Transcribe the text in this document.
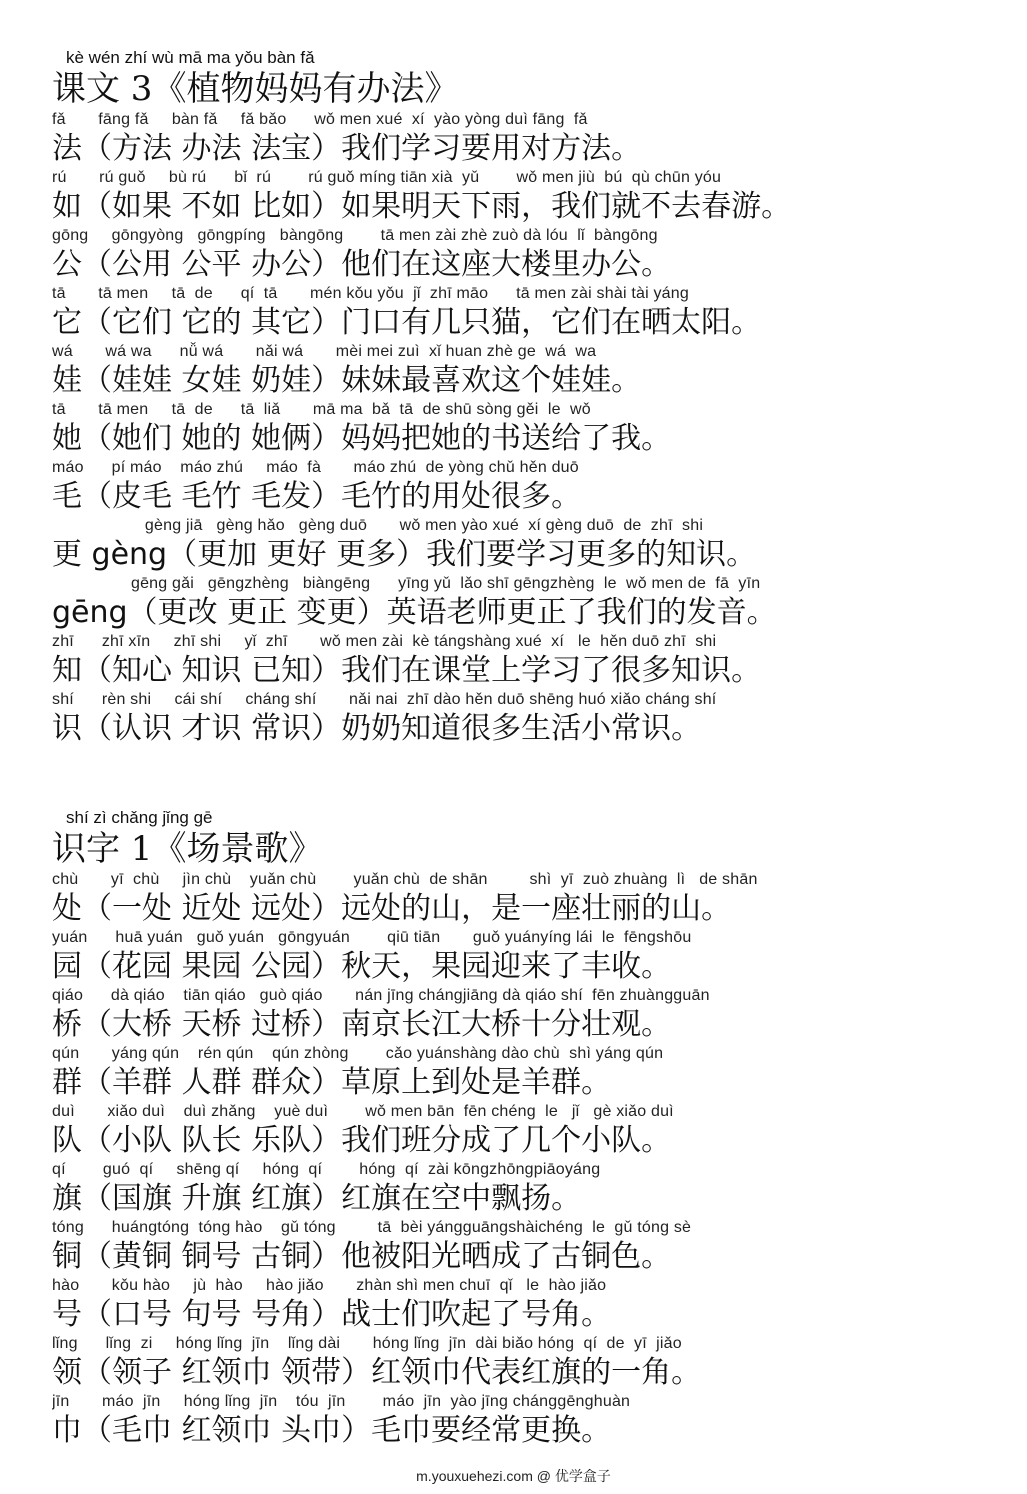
kè wén zhí wù mā ma yǒu bàn fǎ
课文 3《植物妈妈有办法》
fǎ       fāng fǎ     bàn fǎ     fǎ bǎo      wǒ men xué  xí  yào yòng duì fāng  fǎ
法（方法 办法 法宝）我们学习要用对方法。
rú       rú guǒ     bù rú      bǐ  rú        rú guǒ míng tiān xià  yǔ        wǒ men jiù  bú  qù chūn yóu
如（如果 不如 比如）如果明天下雨，我们就不去春游。
gōng     gōngyòng   gōngpíng   bàngōng        tā men zài zhè zuò dà lóu  lǐ  bàngōng
公（公用 公平 办公）他们在这座大楼里办公。
tā       tā men     tā  de      qí  tā       mén kǒu yǒu  jǐ  zhī māo      tā men zài shài tài yáng
它（它们 它的 其它）门口有几只猫，它们在晒太阳。
wá       wá wa      nǚ wá       nǎi wá       mèi mei zuì  xǐ huan zhè ge  wá  wa
娃（娃娃 女娃 奶娃）妹妹最喜欢这个娃娃。
tā       tā men     tā  de      tā  liǎ       mā ma  bǎ  tā  de shū sòng gěi  le  wǒ
她（她们 她的 她俩）妈妈把她的书送给了我。
máo      pí máo    máo zhú     máo  fà       máo zhú  de yòng chǔ hěn duō
毛（皮毛 毛竹 毛发）毛竹的用处很多。
gèng jiā   gèng hǎo   gèng duō       wǒ men yào xué  xí gèng duō  de  zhī  shi
更 gèng（更加 更好 更多）我们要学习更多的知识。
gēng gǎi   gēngzhèng   biàngēng      yīng yǔ  lǎo shī gēngzhèng  le  wǒ men de  fā  yīn
gēng（更改 更正 变更）英语老师更正了我们的发音。
zhī      zhī xīn     zhī shi     yǐ  zhī       wǒ men zài  kè tángshàng xué  xí   le  hěn duō zhī  shi
知（知心 知识 已知）我们在课堂上学习了很多知识。
shí      rèn shi     cái shí     cháng shí       nǎi nai  zhī dào hěn duō shēng huó xiǎo cháng shí
识（认识 才识 常识）奶奶知道很多生活小常识。
shí zì chǎng jǐng gē
识字 1《场景歌》
chù       yī  chù     jìn chù    yuǎn chù        yuǎn chù  de shān         shì  yī  zuò zhuàng  lì   de shān
处（一处 近处 远处）远处的山，是一座壮丽的山。
yuán      huā yuán   guǒ yuán   gōngyuán        qiū tiān       guǒ yuányíng lái  le  fēngshōu
园（花园 果园 公园）秋天，果园迎来了丰收。
qiáo      dà qiáo    tiān qiáo   guò qiáo       nán jīng chángjiāng dà qiáo shí  fēn zhuàngguān
桥（大桥 天桥 过桥）南京长江大桥十分壮观。
qún       yáng qún    rén qún    qún zhòng        cǎo yuánshàng dào chù  shì yáng qún
群（羊群 人群 群众）草原上到处是羊群。
duì       xiǎo duì    duì zhǎng    yuè duì        wǒ men bān  fēn chéng  le   jǐ   gè xiǎo duì
队（小队 队长 乐队）我们班分成了几个小队。
qí        guó  qí     shēng qí     hóng  qí        hóng  qí  zài kōngzhōngpiāoyáng
旗（国旗 升旗 红旗）红旗在空中飘扬。
tóng      huángtóng  tóng hào    gǔ tóng         tā  bèi yángguāngshàichéng  le  gǔ tóng sè
铜（黄铜 铜号 古铜）他被阳光晒成了古铜色。
hào       kǒu hào     jù  hào     hào jiǎo       zhàn shì men chuī  qǐ   le  hào jiǎo
号（口号 句号 号角）战士们吹起了号角。
lǐng      lǐng  zi     hóng lǐng  jīn    lǐng dài       hóng lǐng  jīn  dài biǎo hóng  qí  de  yī  jiǎo
领（领子 红领巾 领带）红领巾代表红旗的一角。
jīn       máo  jīn     hóng lǐng  jīn    tóu  jīn        máo  jīn  yào jīng chánggēnghuàn
巾（毛巾 红领巾 头巾）毛巾要经常更换。
m.youxuehezi.com @ 优学盒子
